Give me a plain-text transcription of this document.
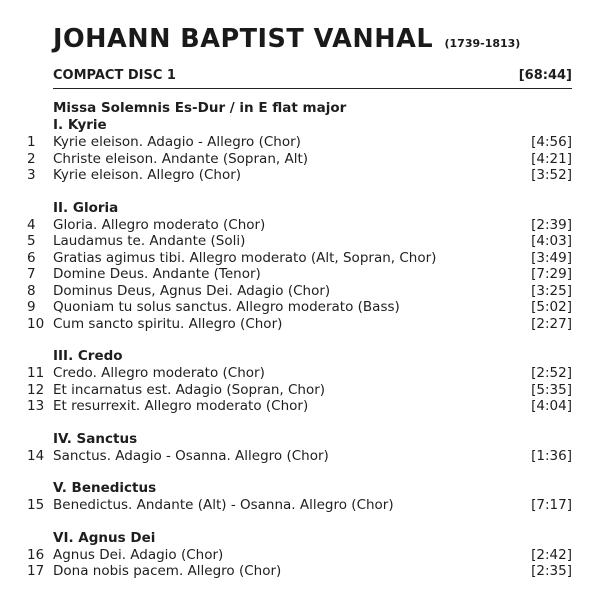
JOHANN BAPTIST VANHAL (1739-1813)
COMPACT DISC 1	[68:44]
Missa Solemnis Es-Dur / in E flat major
I. Kyrie
1 Kyrie eleison. Adagio - Allegro (Chor)	[4:56]
2 Christe eleison. Andante (Sopran, Alt)	[4:21]
3 Kyrie eleison. Allegro (Chor)	[3:52]
II. Gloria
4 Gloria. Allegro moderato (Chor)	[2:39]
5 Laudamus te. Andante (Soli)	[4:03]
6 Gratias agimus tibi. Allegro moderato (Alt, Sopran, Chor)	[3:49]
7 Domine Deus. Andante (Tenor)	[7:29]
8 Dominus Deus, Agnus Dei. Adagio (Chor)	[3:25]
9 Quoniam tu solus sanctus. Allegro moderato (Bass)	[5:02]
10 Cum sancto spiritu. Allegro (Chor)	[2:27]
III. Credo
11 Credo. Allegro moderato (Chor)	[2:52]
12 Et incarnatus est. Adagio (Sopran, Chor)	[5:35]
13 Et resurrexit. Allegro moderato (Chor)	[4:04]
IV. Sanctus
14 Sanctus. Adagio - Osanna. Allegro (Chor)	[1:36]
V. Benedictus
15 Benedictus. Andante (Alt) - Osanna. Allegro (Chor)	[7:17]
VI. Agnus Dei
16 Agnus Dei. Adagio (Chor)	[2:42]
17 Dona nobis pacem. Allegro (Chor)	[2:35]
